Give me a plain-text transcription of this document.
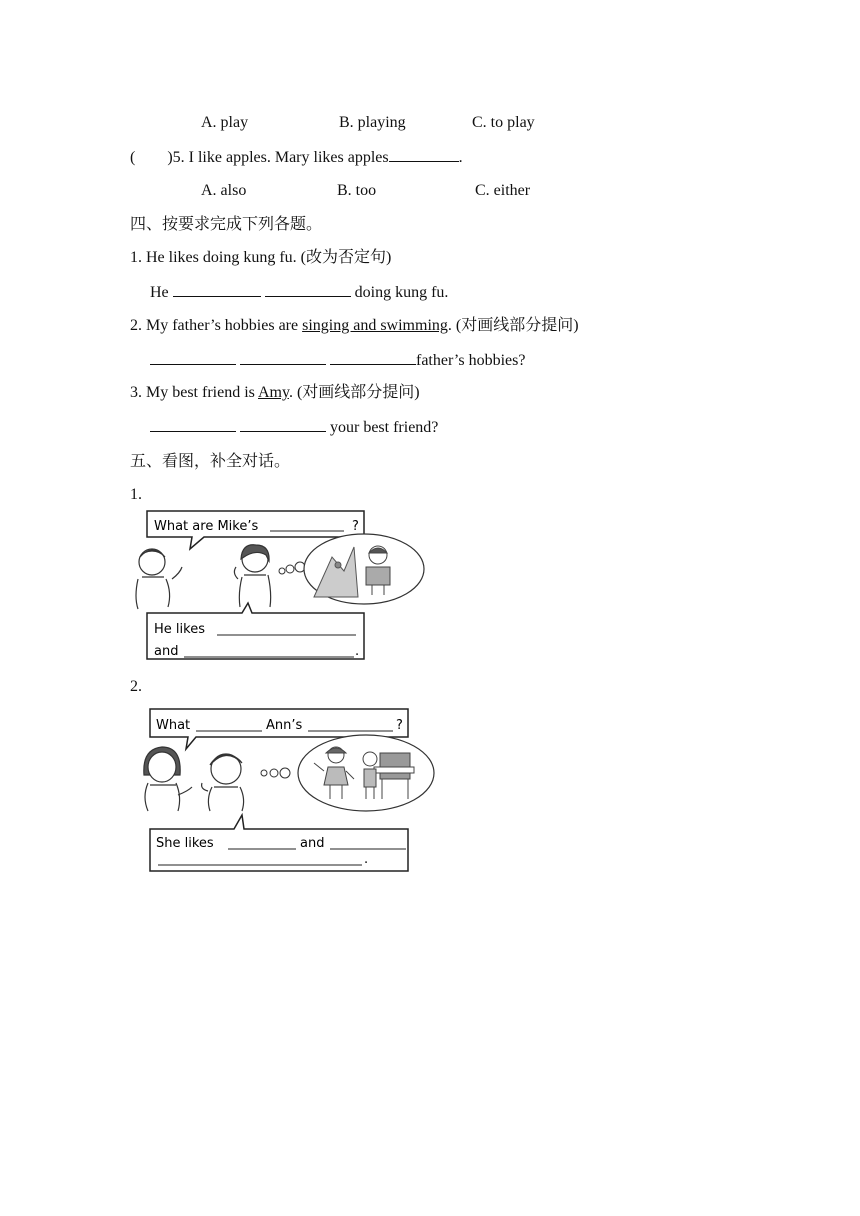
A. play	B. playing	C. to play
(        )5. I like apples. Mary likes apples	.
A. also	B. too	C. either
四、按要求完成下列各题。
1. He likes doing kung fu. (改为否定句)
He	doing kung fu.
2. My father’s hobbies are singing and swimming. (对画线部分提问)
father’s hobbies?
3. My best friend is Amy. (对画线部分提问)
your best friend?
五、看图，补全对话。
1.
What are Mike’s	?
He likes
and	.
2.
What	Ann’s	?
She likes	and
.
